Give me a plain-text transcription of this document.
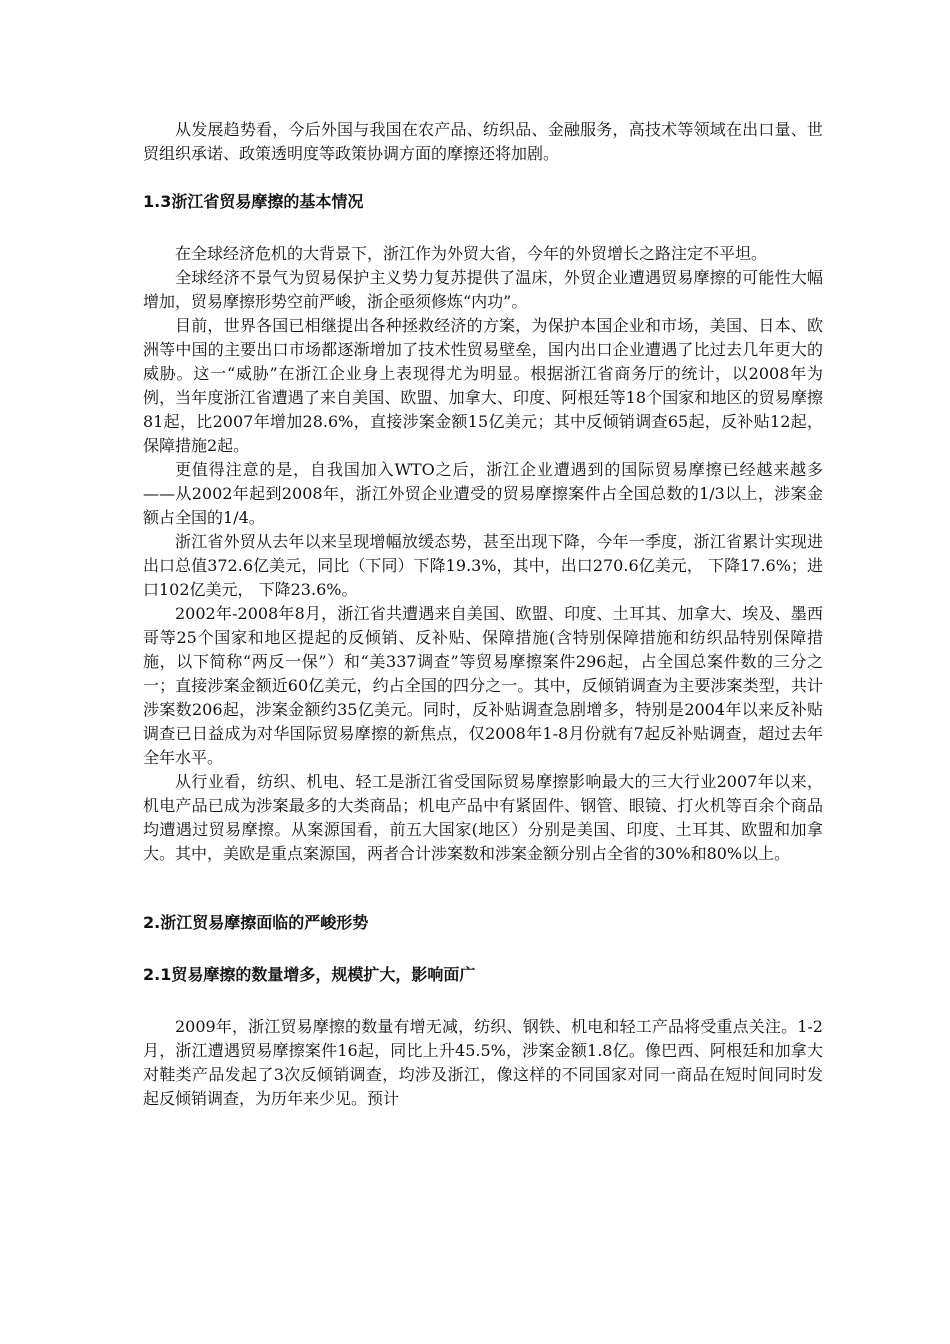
从发展趋势看，今后外国与我国在农产品、纺织品、金融服务，高技术等领域在出口量、世贸组织承诺、政策透明度等政策协调方面的摩擦还将加剧。

1.3浙江省贸易摩擦的基本情况

在全球经济危机的大背景下，浙江作为外贸大省，今年的外贸增长之路注定不平坦。

全球经济不景气为贸易保护主义势力复苏提供了温床，外贸企业遭遇贸易摩擦的可能性大幅增加，贸易摩擦形势空前严峻，浙企亟须修炼“内功”。

目前，世界各国已相继提出各种拯救经济的方案，为保护本国企业和市场，美国、日本、欧洲等中国的主要出口市场都逐渐增加了技术性贸易壁垒，国内出口企业遭遇了比过去几年更大的威胁。这一“威胁”在浙江企业身上表现得尤为明显。根据浙江省商务厅的统计，以2008年为例，当年度浙江省遭遇了来自美国、欧盟、加拿大、印度、阿根廷等18个国家和地区的贸易摩擦81起，比2007年增加28.6%，直接涉案金额15亿美元；其中反倾销调查65起，反补贴12起，保障措施2起。

更值得注意的是，自我国加入WTO之后，浙江企业遭遇到的国际贸易摩擦已经越来越多——从2002年起到2008年，浙江外贸企业遭受的贸易摩擦案件占全国总数的1/3以上，涉案金额占全国的1/4。

浙江省外贸从去年以来呈现增幅放缓态势，甚至出现下降，今年一季度，浙江省累计实现进出口总值372.6亿美元，同比（下同）下降19.3%，其中，出口270.6亿美元， 下降17.6%；进口102亿美元， 下降23.6%。

2002年-2008年8月，浙江省共遭遇来自美国、欧盟、印度、土耳其、加拿大、埃及、墨西哥等25个国家和地区提起的反倾销、反补贴、保障措施(含特别保障措施和纺织品特别保障措施，以下简称“两反一保”）和“美337调查”等贸易摩擦案件296起，占全国总案件数的三分之一；直接涉案金额近60亿美元，约占全国的四分之一。其中，反倾销调查为主要涉案类型，共计涉案数206起，涉案金额约35亿美元。同时，反补贴调查急剧增多，特别是2004年以来反补贴调查已日益成为对华国际贸易摩擦的新焦点，仅2008年1-8月份就有7起反补贴调查，超过去年全年水平。

从行业看，纺织、机电、轻工是浙江省受国际贸易摩擦影响最大的三大行业2007年以来，机电产品已成为涉案最多的大类商品；机电产品中有紧固件、钢管、眼镜、打火机等百余个商品均遭遇过贸易摩擦。从案源国看，前五大国家(地区）分别是美国、印度、土耳其、欧盟和加拿大。其中，美欧是重点案源国，两者合计涉案数和涉案金额分别占全省的30%和80%以上。

2.浙江贸易摩擦面临的严峻形势
2.1贸易摩擦的数量增多，规模扩大，影响面广

2009年，浙江贸易摩擦的数量有增无减，纺织、钢铁、机电和轻工产品将受重点关注。1-2月，浙江遭遇贸易摩擦案件16起，同比上升45.5%，涉案金额1.8亿。像巴西、阿根廷和加拿大对鞋类产品发起了3次反倾销调查，均涉及浙江，像这样的不同国家对同一商品在短时间同时发起反倾销调查，为历年来少见。预计
